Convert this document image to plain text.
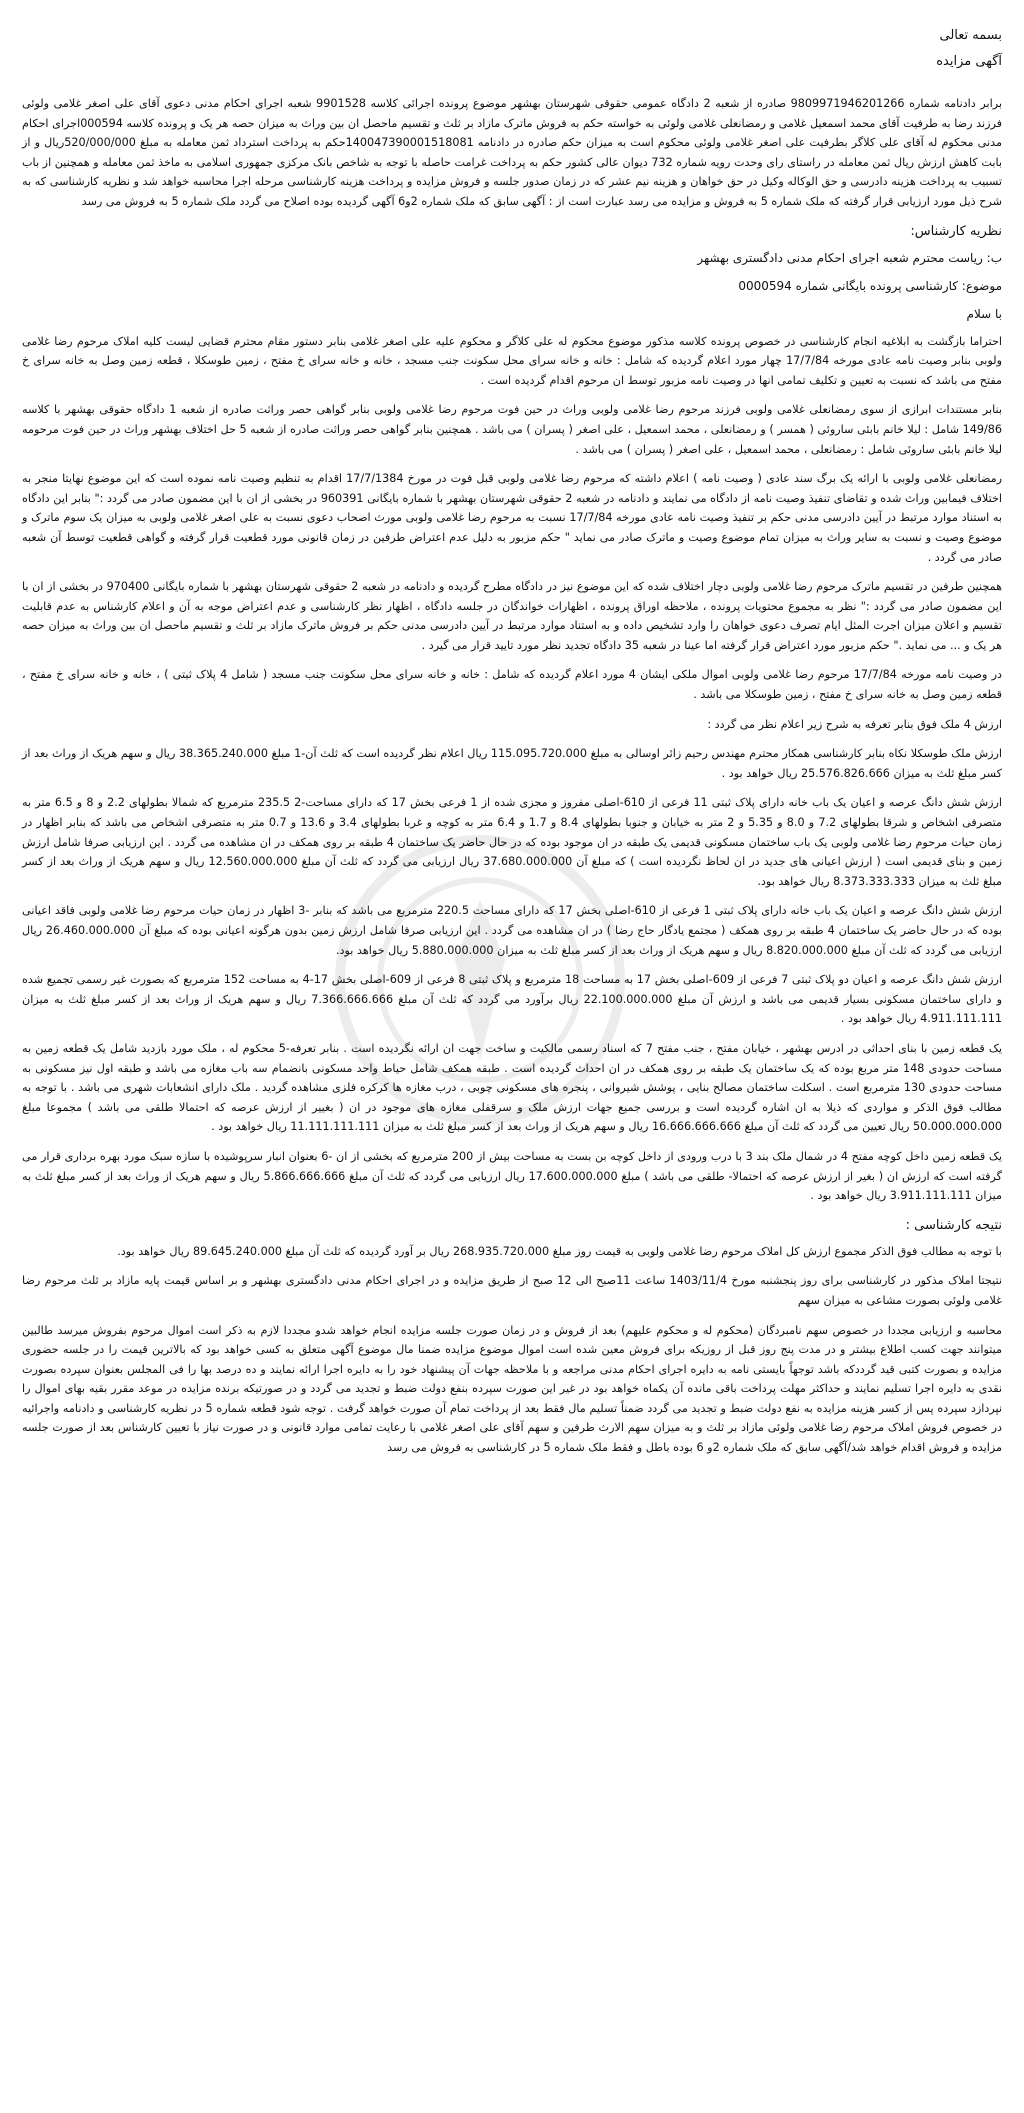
بسمه تعالی
آگهی مزایده

برابر دادنامه شماره 9809971946201266 صادره از شعبه 2 دادگاه عمومی حقوقی شهرستان بهشهر موضوع پرونده اجرائی کلاسه 9901528 شعبه اجرای احکام مدنی دعوی آقای علی اصغر غلامی ولوئی فرزند رضا به طرفیت آقای محمد اسمعیل غلامی و رمضانعلی غلامی ولوئی به خواسته حکم به فروش ماترک مازاد بر ثلث و تقسیم ماحصل ان بین وراث به میزان حصه هر یک و پرونده کلاسه 000594اجرای احکام مدنی محکوم له آقای علی کلاگر بطرفیت علی اصغر غلامی ولوئی محکوم است به میزان حکم صادره در دادنامه 140047390001518081حکم به پرداخت استرداد ثمن معامله به مبلغ 520/000/000ریال و از بابت کاهش ارزش ریال ثمن معامله در راستای رای وحدت رویه شماره 732 دیوان عالی کشور حکم به پرداخت غرامت حاصله با توجه به شاخص بانک مرکزی جمهوری اسلامی به ماخذ ثمن معامله و همچنین از باب تسبیب به پرداخت هزینه دادرسی و حق الوکاله وکیل در حق خواهان و هزینه نیم عشر که در زمان صدور جلسه و فروش مزایده و پرداخت هزینه کارشناسی مرحله اجرا محاسبه خواهد شد و نظریه کارشناسی که به شرح ذیل مورد ارزیابی قرار گرفته که ملک شماره 5 به فروش و مزایده می رسد عبارت است از : آگهی سابق که ملک شماره 2و6 آگهی گردیده بوده اصلاح می گردد ملک شماره 5 به فروش می رسد

نظریه کارشناس:

ب: ریاست محترم شعبه اجرای احکام مدنی دادگستری بهشهر

موضوع: کارشناسی پرونده بایگانی شماره 0000594

با سلام

احتراما بازگشت به ابلاغیه انجام کارشناسی در خصوص پرونده کلاسه مذکور موضوع محکوم له علی کلاگر و محکوم علیه علی اصغر غلامی بنابر دستور مقام محترم قضایی لیست کلیه املاک مرحوم رضا غلامی ولوبی بنابر وصیت نامه عادی مورخه 17/7/84 چهار مورد اعلام گردیده که شامل : خانه و خانه سرای محل سکونت جنب مسجد ، خانه و خانه سرای خ مفتح ، زمین طوسکلا ، قطعه زمین وصل به خانه سرای خ مفتح می باشد که نسبت به تعیین و تکلیف تمامی انها در وصیت نامه مزبور توسط ان مرحوم اقدام گردیده است .

بنابر مستندات ابرازی از سوی رمضانعلی غلامی ولوبی فرزند مرحوم رضا غلامی ولوبی وراث در حین فوت مرحوم رضا غلامی ولوبی بنابر گواهی حصر وراثت صادره از شعبه 1 دادگاه حقوقی بهشهر با کلاسه 149/86 شامل : لیلا خانم بابئی ساروئی ( همسر ) و رمضانعلی ، محمد اسمعیل ، علی اصغر ( پسران ) می باشد . همچنین بنابر گواهی حصر وراثت صادره از شعبه 5 حل اختلاف بهشهر وراث در حین فوت مرحومه لیلا خانم بابئی ساروئی شامل : رمضانعلی ، محمد اسمعیل ، علی اصغر ( پسران ) می باشد .

رمضانعلی غلامی ولوبی با ارائه یک برگ سند عادی ( وصیت نامه ) اعلام داشته که مرحوم رضا غلامی ولوبی قبل فوت در مورخ 17/7/1384 اقدام به تنظیم وصیت نامه نموده است که این موضوع نهایتا منجر به اختلاف فیمابین وراث شده و تقاضای تنفیذ وصیت نامه از دادگاه می نمایند و دادنامه در شعبه 2 حقوقی شهرستان بهشهر با شماره بایگانی 960391 در بخشی از ان با این مضمون صادر می گردد :" بنابر این دادگاه به استناد موارد مرتبط در آیین دادرسی مدنی حکم بر تنفیذ وصیت نامه عادی مورخه 17/7/84 نسبت به مرحوم رضا غلامی ولوبی مورث اصحاب دعوی نسبت به علی اصغر غلامی ولوبی به میزان یک سوم ماترک و موضوع وصیت و نسبت به سایر وراث به میزان تمام موضوع وصیت و ماترک صادر می نماید " حکم مزبور به دلیل عدم اعتراض طرفین در زمان قانونی مورد قطعیت قرار گرفته و گواهی قطعیت توسط آن شعبه صادر می گردد .

همچنین طرفین در تقسیم ماترک مرحوم رضا غلامی ولوبی دچار اختلاف شده که این موضوع نیز در دادگاه مطرح گردیده و دادنامه در شعبه 2 حقوقی شهرستان بهشهر با شماره بایگانی 970400 در بخشی از ان با این مضمون صادر می گردد :" نظر به مجموع محتویات پرونده ، ملاحظه اوراق پرونده ، اظهارات خواندگان در جلسه دادگاه ، اظهار نظر کارشناسی و عدم اعتراض موجه به آن و اعلام کارشناس به عدم قابلیت تقسیم و اعلان میزان اجرت المثل ایام تصرف دعوی خواهان را وارد تشخیص داده و به استناد موارد مرتبط در آیین دادرسی مدنی حکم بر فروش ماترک مازاد بر ثلث و تقسیم ماحصل ان بین وراث به میزان حصه هر یک و ... می نماید ." حکم مزبور مورد اعتراض قرار گرفته اما عینا در شعبه 35 دادگاه تجدید نظر مورد تایید قرار می گیرد .

در وصیت نامه مورخه 17/7/84 مرحوم رضا غلامی ولوبی اموال ملکی ایشان 4 مورد اعلام گردیده که شامل : خانه و خانه سرای محل سکونت جنب مسجد ( شامل 4 پلاک ثبتی ) ، خانه و خانه سرای خ مفتح ، قطعه زمین وصل به خانه سرای خ مفتح ، زمین طوسکلا می باشد .

ارزش 4 ملک فوق بنابر تعرفه به شرح زیر اعلام نظر می گردد :

ارزش ملک طوسکلا نکاه بنابر کارشناسی همکار محترم مهندس رحیم زائر اوسالی به مبلغ 115.095.720.000 ریال اعلام نظر گردیده است که ثلث آن-1 مبلغ 38.365.240.000 ریال و سهم هریک از وراث بعد از کسر مبلغ ثلث به میزان 25.576.826.666 ریال خواهد بود .

ارزش شش دانگ عرصه و اعیان یک باب خانه دارای پلاک ثبتی 11 فرعی از 610-اصلی مفروز و مجزی شده از 1 فرعی بخش 17 که دارای مساحت-2 235.5 مترمربع که شمالا بطولهای 2.2 و 8 و 6.5 متر به متصرفی اشخاص و شرقا بطولهای 7.2 و 8.0 و 5.35 و 2 متر به خیابان و جنوبا بطولهای 8.4 و 1.7 و 6.4 متر به کوچه و غربا بطولهای 3.4 و 13.6 و 0.7 متر به متصرفی اشخاص می باشد که بنابر اظهار در زمان حیات مرحوم رضا غلامی ولوبی یک باب ساختمان مسکونی قدیمی یک طبقه در ان موجود بوده که در حال حاضر یک ساختمان 4 طبقه بر روی همکف در ان مشاهده می گردد . این ارزیابی صرفا شامل ارزش زمین و بنای قدیمی است ( ارزش اعیانی های جدید در ان لحاظ نگردیده است ) که مبلغ آن 37.680.000.000 ریال ارزیابی می گردد که ثلث آن مبلغ 12.560.000.000 ریال و سهم هریک از وراث بعد از کسر مبلغ ثلث به میزان 8.373.333.333 ریال خواهد بود.

ارزش شش دانگ عرصه و اعیان یک باب خانه دارای پلاک ثبتی 1 فرعی از 610-اصلی بخش 17 که دارای مساحت 220.5 مترمربع می باشد که بنابر -3 اظهار در زمان حیات مرحوم رضا غلامی ولوبی فاقد اعیانی بوده که در حال حاضر یک ساختمان 4 طبقه بر روی همکف ( مجتمع یادگار حاج رضا ) در ان مشاهده می گردد . این ارزیابی صرفا شامل ارزش زمین بدون هرگونه اعیانی بوده که مبلغ آن 26.460.000.000 ریال ارزیابی می گردد که ثلث آن مبلغ 8.820.000.000 ریال و سهم هریک از وراث بعد از کسر مبلغ ثلث به میزان 5.880.000.000 ریال خواهد بود.

ارزش شش دانگ عرصه و اعیان دو پلاک ثبتی 7 فرعی از 609-اصلی بخش 17 به مساحت 18 مترمربع و پلاک ثبتی 8 فرعی از 609-اصلی بخش 17-4 به مساحت 152 مترمربع که بصورت غیر رسمی تجمیع شده و دارای ساختمان مسکونی بسیار قدیمی می باشد و ارزش آن مبلغ 22.100.000.000 ریال برآورد می گردد که ثلث آن مبلغ 7.366.666.666 ریال و سهم هریک از وراث بعد از کسر مبلغ ثلث به میزان 4.911.111.111 ریال خواهد بود .

یک قطعه زمین با بنای احداثی در ادرس بهشهر ، خیابان مفتح ، جنب مفتح 7 که اسناد رسمی مالکیت و ساخت جهت ان ارائه نگردیده است . بنابر تعرفه-5 محکوم له ، ملک مورد بازدید شامل یک قطعه زمین به مساحت حدودی 148 متر مربع بوده که یک ساختمان یک طبقه بر روی همکف در ان احداث گردیده است . طبقه همکف شامل حیاط واحد مسکونی بانضمام سه باب مغازه می باشد و طبقه اول نیز مسکونی به مساحت حدودی 130 مترمربع است . اسکلت ساختمان مصالح بنایی ، پوشش شیروانی ، پنجره های مسکونی چوبی ، درب مغازه ها کرکره فلزی مشاهده گردید . ملک دارای انشعابات شهری می باشد . با توجه به مطالب فوق الذکر و مواردی که ذیلا به ان اشاره گردیده است و بررسی جمیع جهات ارزش ملک و سرقفلی مغازه های موجود در ان ( بغییر از ارزش عرصه که احتمالا طلقی می باشد ) مجموعا مبلغ 50.000.000.000 ریال تعیین می گردد که ثلث آن مبلغ 16.666.666.666 ریال و سهم هریک از وراث بعد از کسر مبلغ ثلث به میزان 11.111.111.111 ریال خواهد بود .

یک قطعه زمین داخل کوچه مفتح 4 در شمال ملک بند 3 با درب ورودی از داخل کوچه بن بست به مساحت بیش از 200 مترمربع که بخشی از ان -6 بعنوان انبار سرپوشیده با سازه سبک مورد بهره برداری قرار می گرفته است که ارزش ان ( بغیر از ارزش عرصه که احتمالا- طلقی می باشد ) مبلغ 17.600.000.000 ریال ارزیابی می گردد که ثلث آن مبلغ 5.866.666.666 ریال و سهم هریک از وراث بعد از کسر مبلغ ثلث به میزان 3.911.111.111 ریال خواهد بود .

نتیجه کارشناسی :

با توجه به مطالب فوق الذکر مجموع ارزش کل املاک مرحوم رضا غلامی ولوبی به قیمت روز مبلغ 268.935.720.000 ریال بر آورد گردیده که ثلث آن مبلغ 89.645.240.000 ریال خواهد بود.

نتیجتا املاک مذکور در کارشناسی برای روز پنجشنبه مورخ 1403/11/4 ساعت 11صبح الی 12 صبح از طریق مزایده و در اجرای احکام مدنی دادگستری بهشهر و بر اساس قیمت پایه مازاد بر ثلث مرحوم رضا غلامی ولوئی بصورت مشاعی به میزان سهم

محاسبه و ارزیابی مجددا در خصوص سهم نامبردگان (محکوم له و محکوم علیهم) بعد از فروش و در زمان صورت جلسه مزایده انجام خواهد شدو مجددا لازم به ذکر است اموال مرحوم بفروش میرسد طالبین میتوانند جهت کسب اطلاع بیشتر و در مدت پنج روز قبل از روزیکه برای فروش معین شده است اموال موضوع مزایده ضمنا مال موضوع آگهی متعلق به کسی خواهد بود که بالاترین قیمت را در جلسه حضوری مزایده و بصورت کتبی قید گرددکه باشد توجهاً بایستی نامه به دایره اجرای احکام مدنی مراجعه و با ملاحظه جهات آن پیشنهاد خود را به دایره اجرا ارائه نمایند و ده درصد بها را فی المجلس بعنوان سپرده بصورت نقدی به دایره اجرا تسلیم نمایند و حداکثر مهلت پرداخت باقی مانده آن یکماه خواهد بود در غیر این صورت سپرده بنفع دولت ضبط و تجدید می گردد و در صورتیکه برنده مزایده در موعد مقرر بقیه بهای اموال را نپردازد سپرده پس از کسر هزینه مزایده به نفع دولت ضبط و تجدید می گردد ضمناً تسلیم مال فقط بعد از پرداخت تمام آن صورت خواهد گرفت . توجه شود قطعه شماره 5 در نظریه کارشناسی و دادنامه واجرائیه در خصوص فروش املاک مرحوم رضا غلامی ولوئی مازاد بر ثلث و به میزان سهم الارث طرفین و سهم آقای علی اصغر غلامی با رعایت تمامی موارد قانونی و در صورت نیاز با تعیین کارشناس بعد از صورت جلسه مزایده و فروش اقدام خواهد شد/آگهی سابق که ملک شماره 2و 6 بوده باطل و فقط ملک شماره 5 در کارشناسی به فروش می رسد
